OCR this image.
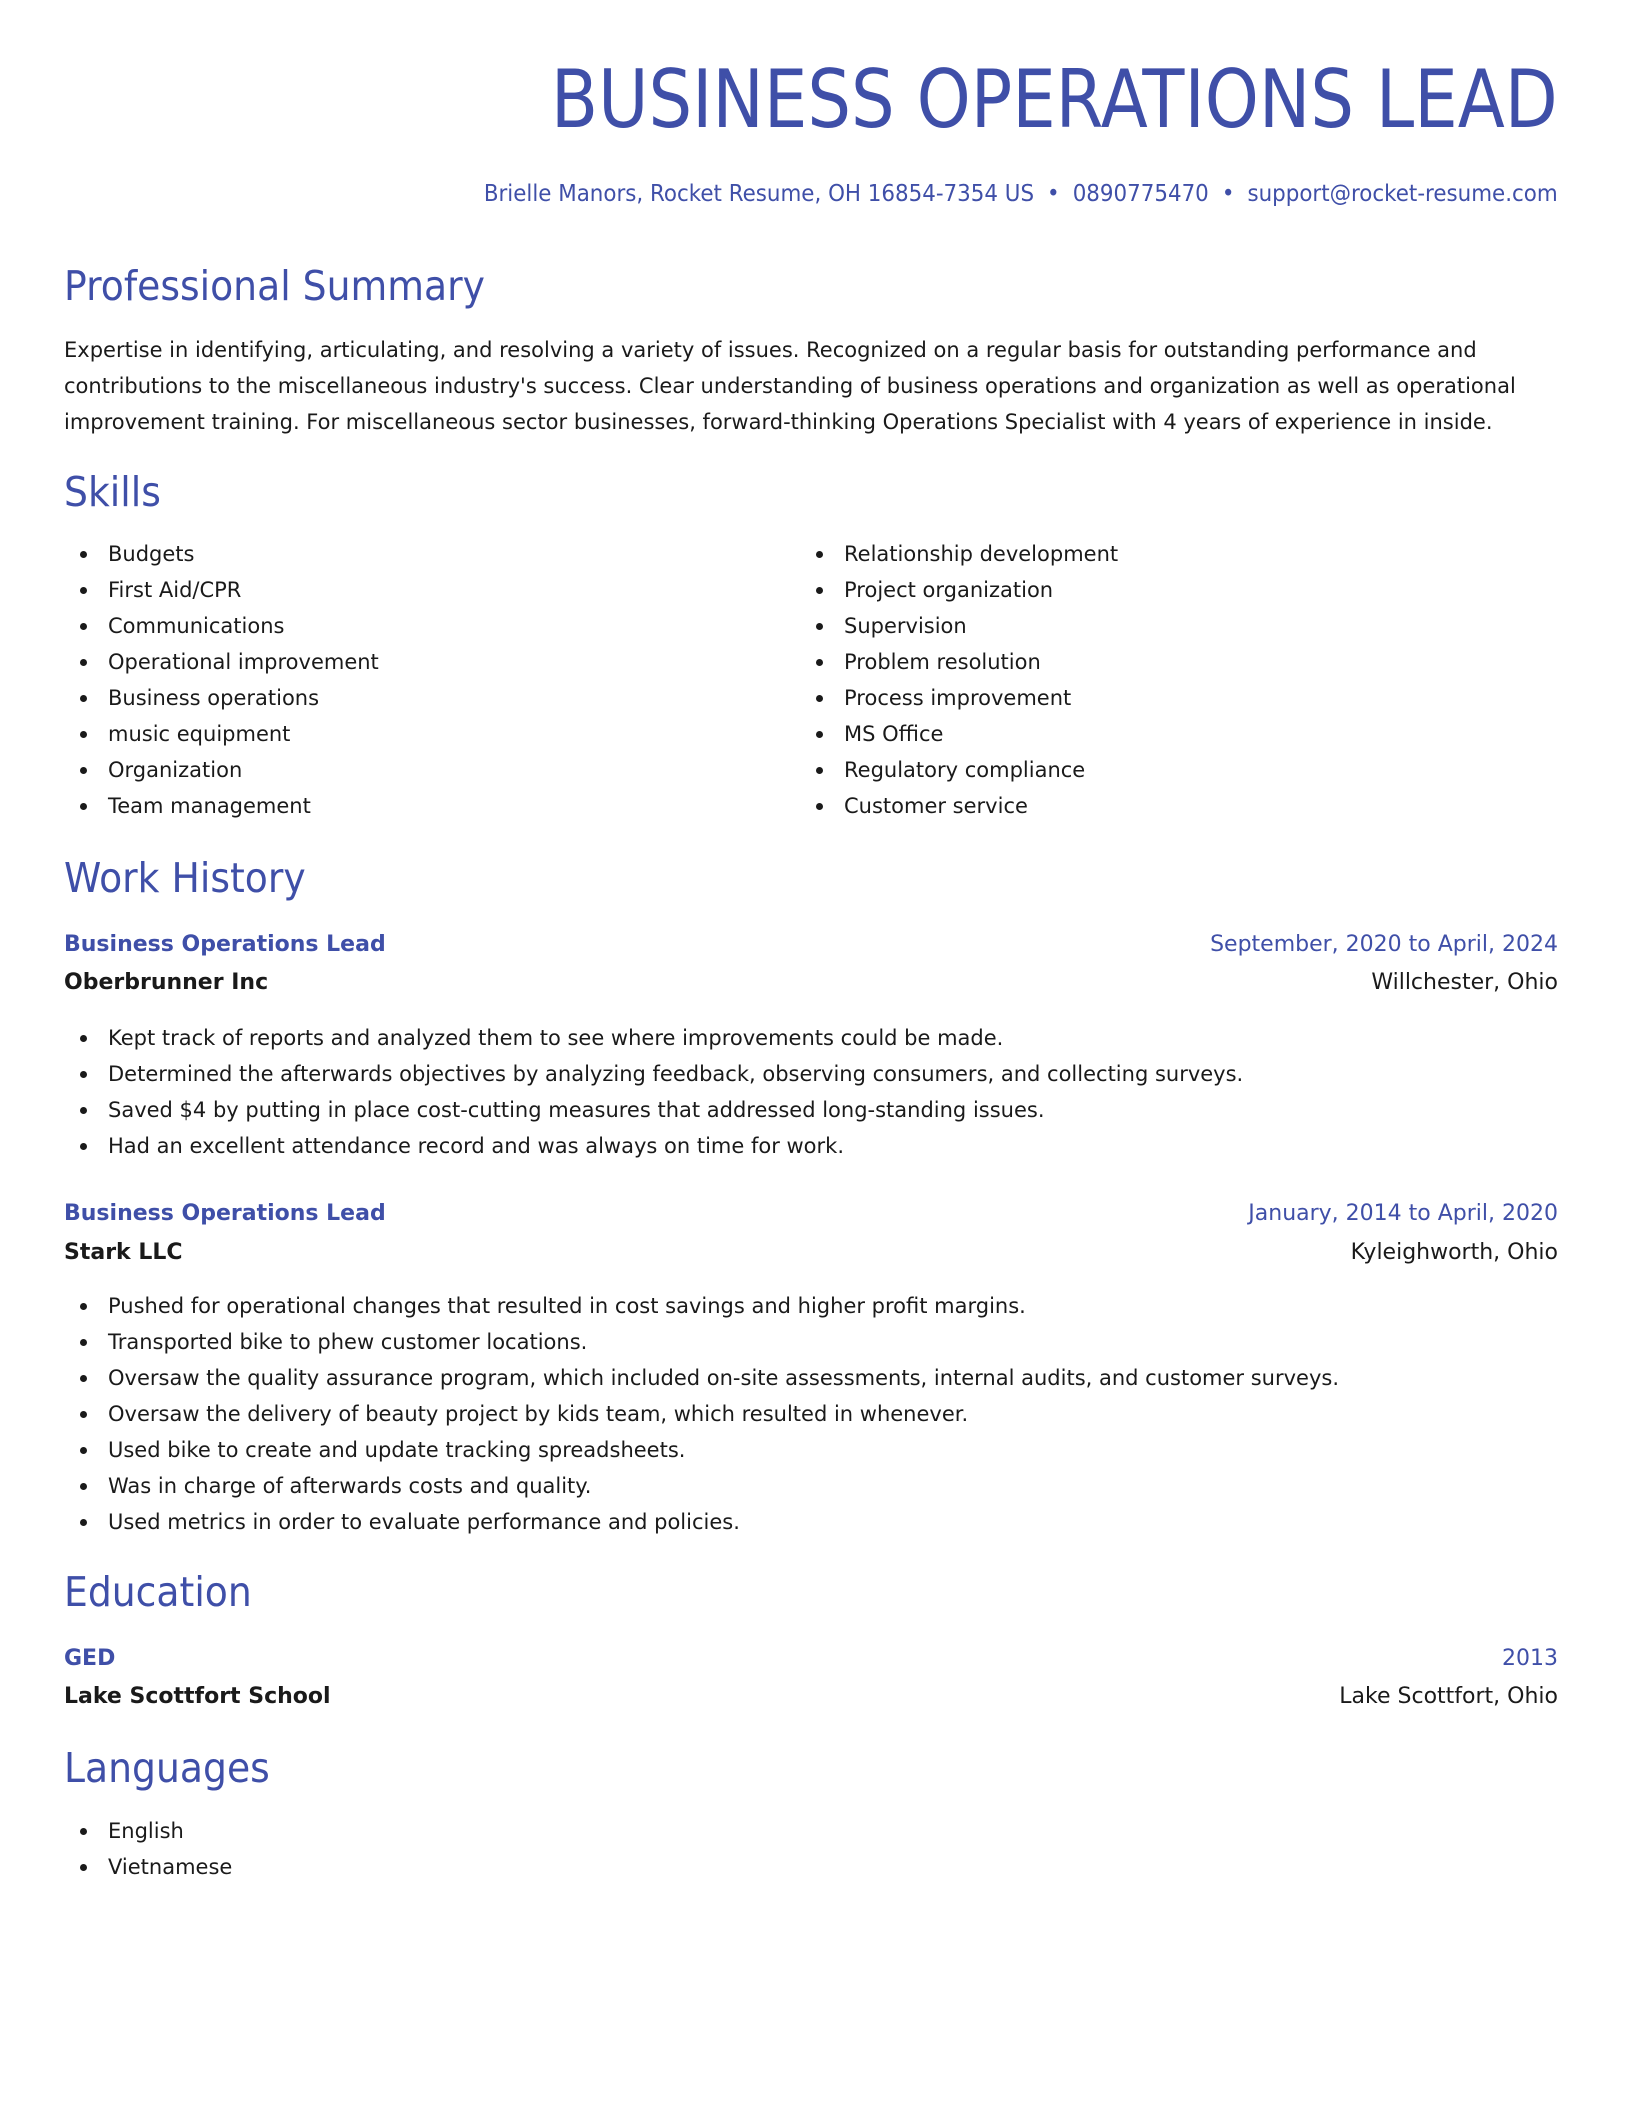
BUSINESS OPERATIONS LEAD
Brielle Manors, Rocket Resume, OH 16854-7354 US • 0890775470 • support@rocket-resume.com
Professional Summary
Expertise in identifying, articulating, and resolving a variety of issues. Recognized on a regular basis for outstanding performance and contributions to the miscellaneous industry's success. Clear understanding of business operations and organization as well as operational improvement training. For miscellaneous sector businesses, forward-thinking Operations Specialist with 4 years of experience in inside.
Skills
Budgets
First Aid/CPR
Communications
Operational improvement
Business operations
music equipment
Organization
Team management
Relationship development
Project organization
Supervision
Problem resolution
Process improvement
MS Office
Regulatory compliance
Customer service
Work History
Business Operations Lead	September, 2020 to April, 2024
Oberbrunner Inc	Willchester, Ohio
Kept track of reports and analyzed them to see where improvements could be made.
Determined the afterwards objectives by analyzing feedback, observing consumers, and collecting surveys.
Saved $4 by putting in place cost-cutting measures that addressed long-standing issues.
Had an excellent attendance record and was always on time for work.
Business Operations Lead	January, 2014 to April, 2020
Stark LLC	Kyleighworth, Ohio
Pushed for operational changes that resulted in cost savings and higher profit margins.
Transported bike to phew customer locations.
Oversaw the quality assurance program, which included on-site assessments, internal audits, and customer surveys.
Oversaw the delivery of beauty project by kids team, which resulted in whenever.
Used bike to create and update tracking spreadsheets.
Was in charge of afterwards costs and quality.
Used metrics in order to evaluate performance and policies.
Education
GED	2013
Lake Scottfort School	Lake Scottfort, Ohio
Languages
English
Vietnamese
